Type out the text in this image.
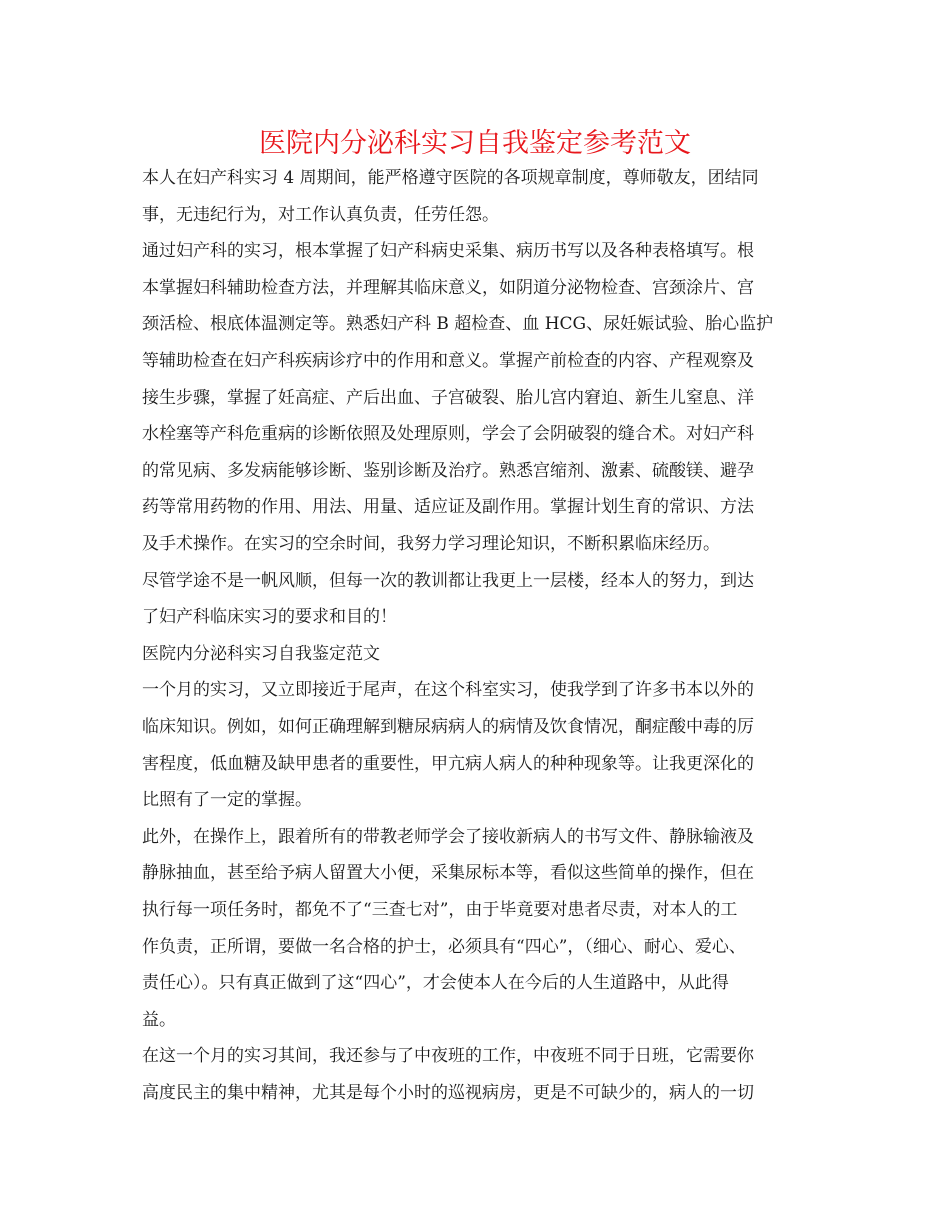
医院内分泌科实习自我鉴定参考范文
本人在妇产科实习 4 周期间，能严格遵守医院的各项规章制度，尊师敬友，团结同
事，无违纪行为，对工作认真负责，任劳任怨。
通过妇产科的实习，根本掌握了妇产科病史采集、病历书写以及各种表格填写。根
本掌握妇科辅助检查方法，并理解其临床意义，如阴道分泌物检查、宫颈涂片、宫
颈活检、根底体温测定等。熟悉妇产科 B 超检查、血 HCG、尿妊娠试验、胎心监护
等辅助检查在妇产科疾病诊疗中的作用和意义。掌握产前检查的内容、产程观察及
接生步骤，掌握了妊高症、产后出血、子宫破裂、胎儿宫内窘迫、新生儿窒息、洋
水栓塞等产科危重病的诊断依照及处理原则，学会了会阴破裂的缝合术。对妇产科
的常见病、多发病能够诊断、鉴别诊断及治疗。熟悉宫缩剂、激素、硫酸镁、避孕
药等常用药物的作用、用法、用量、适应证及副作用。掌握计划生育的常识、方法
及手术操作。在实习的空余时间，我努力学习理论知识，不断积累临床经历。
尽管学途不是一帆风顺，但每一次的教训都让我更上一层楼，经本人的努力，到达
了妇产科临床实习的要求和目的！
医院内分泌科实习自我鉴定范文
一个月的实习，又立即接近于尾声，在这个科室实习，使我学到了许多书本以外的
临床知识。例如，如何正确理解到糖尿病病人的病情及饮食情况，酮症酸中毒的厉
害程度，低血糖及缺甲患者的重要性，甲亢病人病人的种种现象等。让我更深化的
比照有了一定的掌握。
此外，在操作上，跟着所有的带教老师学会了接收新病人的书写文件、静脉输液及
静脉抽血，甚至给予病人留置大小便，采集尿标本等，看似这些简单的操作，但在
执行每一项任务时，都免不了“三查七对”，由于毕竟要对患者尽责，对本人的工
作负责，正所谓，要做一名合格的护士，必须具有“四心”，（细心、耐心、爱心、
责任心）。只有真正做到了这“四心”，才会使本人在今后的人生道路中，从此得
益。
在这一个月的实习其间，我还参与了中夜班的工作，中夜班不同于日班，它需要你
高度民主的集中精神，尤其是每个小时的巡视病房，更是不可缺少的，病人的一切
